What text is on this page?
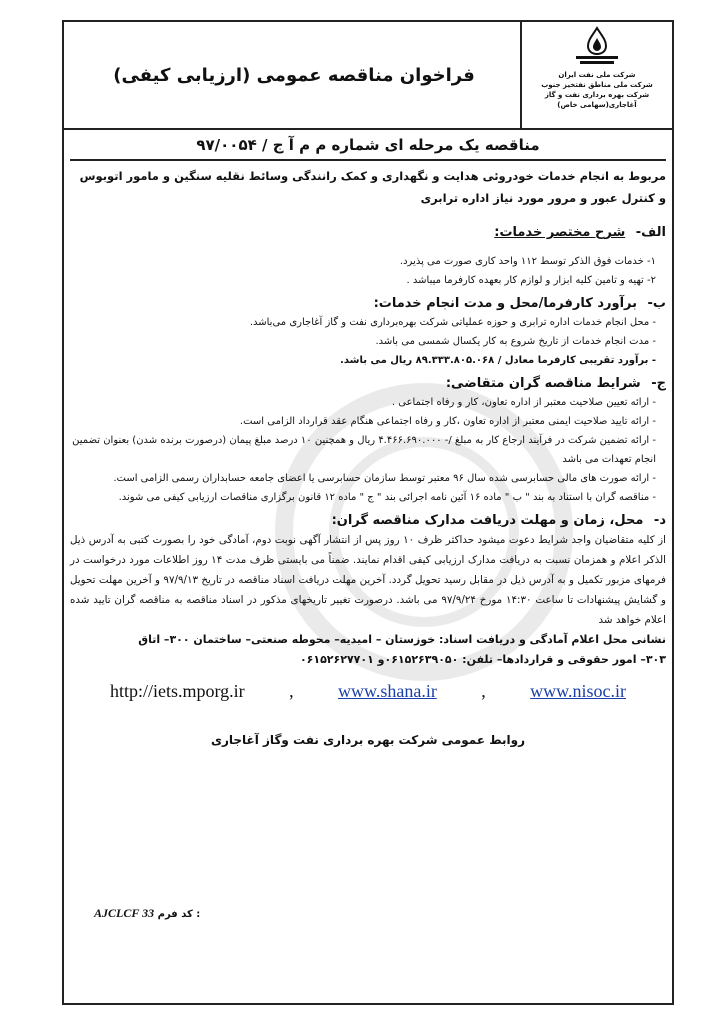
فراخوان مناقصه عمومی (ارزیابی کیفی)	شرکت ملی نفت ایران
شرکت ملی مناطق نفتخیز جنوب
شرکت بهره برداری نفت و گاز آغاجاری(سهامی خاص)
مناقصه یک مرحله ای شماره م م آ ج / ۹۷/۰۰۵۴
مربوط به انجام خدمات خودروئی هدایت و نگهداری و کمک رانندگی وسائط نقلیه سنگین و مامور اتوبوس و کنترل عبور و مرور مورد نیاز اداره ترابری
الف- شرح مختصر خدمات:
۱- خدمات فوق الذکر توسط ۱۱۲ واحد کاری صورت می پذیرد.
۲- تهیه و تامین کلیه ابزار و لوازم کار بعهده کارفرما میباشد .
ب- برآورد کارفرما/محل و مدت انجام خدمات:
- محل انجام خدمات اداره ترابری و حوزه عملیاتی شرکت بهره‌برداری نفت و گاز آغاجاری می‌باشد.
- مدت انجام خدمات از تاریخ شروع به کار یکسال شمسی می باشد.
- برآورد تقریبی کارفرما معادل / ۸۹.۳۳۳.۸۰۵.۰۶۸ ریال می باشد.
ج- شرایط مناقصه گران متقاضی:
- ارائه تعیین صلاحیت معتبر از اداره تعاون، کار و رفاه اجتماعی .
- ارائه تایید صلاحیت ایمنی معتبر از اداره تعاون ،کار و رفاه اجتماعی هنگام عقد قرارداد الزامی است.
- ارائه تضمین شرکت در فرآیند ارجاع کار به مبلغ /- ۴.۴۶۶.۶۹۰.۰۰۰ ریال و همچنین ۱۰ درصد مبلغ پیمان (درصورت برنده شدن) بعنوان تضمین انجام تعهدات می باشد
- ارائه صورت های مالی حسابرسی شده سال ۹۶ معتبر توسط سازمان حسابرسی یا اعضای جامعه حسابداران رسمی الزامی است.
- مناقصه گران با استناد به بند " ب " ماده ۱۶ آئین نامه اجرائی بند " ج " ماده ۱۲ قانون برگزاری مناقصات ارزیابی کیفی می شوند.
د- محل، زمان و مهلت دریافت مدارک مناقصه گران:
از کلیه متقاضیان واجد شرایط دعوت میشود حداکثر ظرف ۱۰ روز پس از انتشار آگهی نوبت دوم، آمادگی خود را بصورت کتبی به آدرس ذیل الذکر اعلام و همزمان نسبت به دریافت مدارک ارزیابی کیفی اقدام نمایند. ضمناً می بایستی ظرف مدت ۱۴ روز اطلاعات مورد درخواست در فرمهای مزبور تکمیل و به آدرس ذیل در مقابل رسید تحویل گردد. آخرین مهلت دریافت اسناد مناقصه در تاریخ ۹۷/۹/۱۳ و آخرین مهلت تحویل و گشایش پیشنهادات تا ساعت ۱۴:۳۰ مورخ ۹۷/۹/۲۴ می باشد. درصورت تغییر تاریخهای مذکور در اسناد مناقصه به مناقصه گران تایید شده اعلام خواهد شد
نشانی محل اعلام آمادگی و دریافت اسناد: خوزستان – امیدیه– محوطه صنعتی– ساختمان ۳۰۰– اتاق
۳۰۳– امور حقوقی و قراردادها– تلفن: ۰۶۱۵۲۶۳۹۰۵۰و ۰۶۱۵۲۶۲۷۷۰۱
http://iets.mporg.ir , www.shana.ir , www.nisoc.ir
روابط عمومی شرکت بهره برداری نفت وگاز آغاجاری
AJCLCF 33 کد فرم :
